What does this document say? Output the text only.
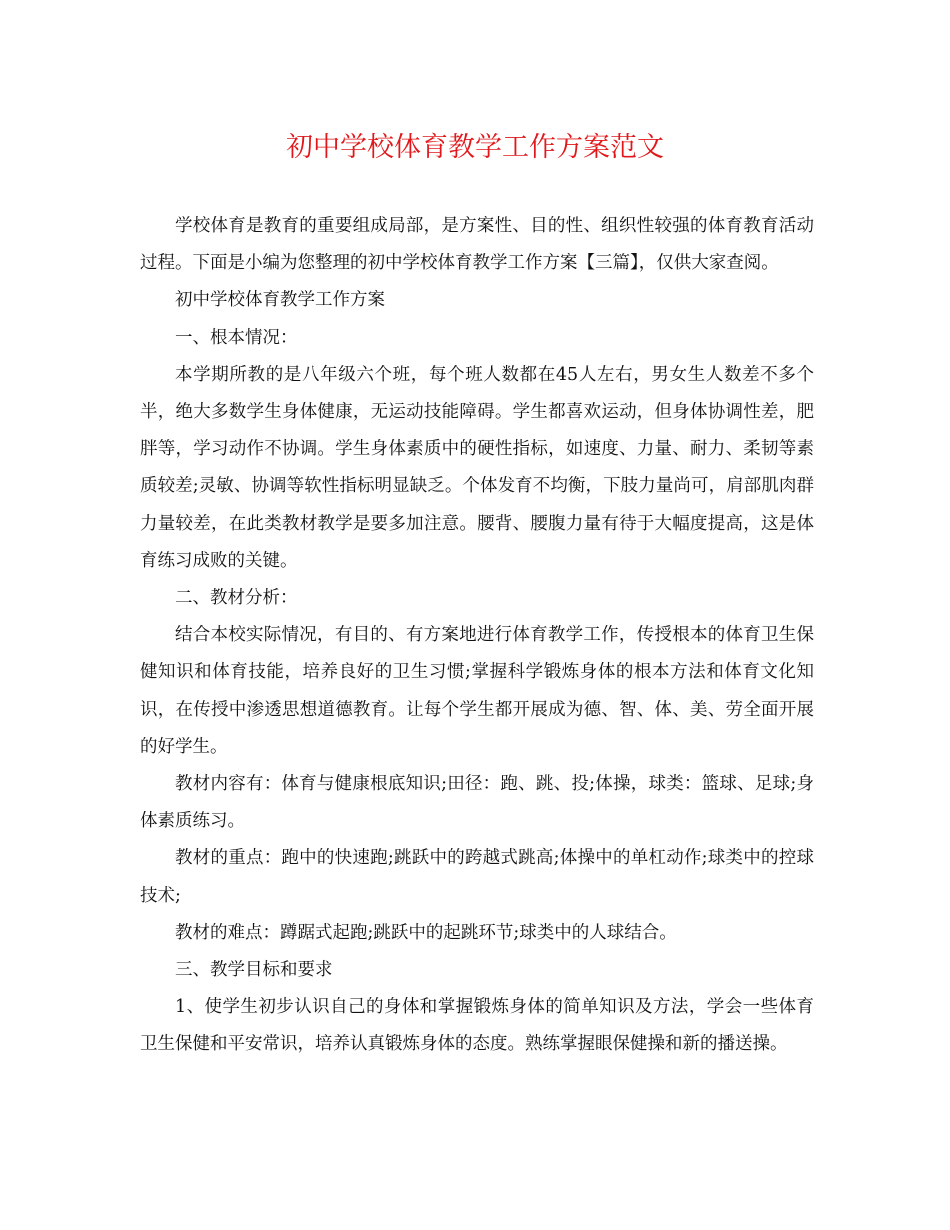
初中学校体育教学工作方案范文

学校体育是教育的重要组成局部，是方案性、目的性、组织性较强的体育教育活动过程。下面是小编为您整理的初中学校体育教学工作方案【三篇】，仅供大家查阅。

初中学校体育教学工作方案

一、根本情况：

本学期所教的是八年级六个班，每个班人数都在45人左右，男女生人数差不多个半，绝大多数学生身体健康，无运动技能障碍。学生都喜欢运动，但身体协调性差，肥胖等，学习动作不协调。学生身体素质中的硬性指标，如速度、力量、耐力、柔韧等素质较差;灵敏、协调等软性指标明显缺乏。个体发育不均衡，下肢力量尚可，肩部肌肉群力量较差，在此类教材教学是要多加注意。腰背、腰腹力量有待于大幅度提高，这是体育练习成败的关键。

二、教材分析：

结合本校实际情况，有目的、有方案地进行体育教学工作，传授根本的体育卫生保健知识和体育技能，培养良好的卫生习惯;掌握科学锻炼身体的根本方法和体育文化知识，在传授中渗透思想道德教育。让每个学生都开展成为德、智、体、美、劳全面开展的好学生。

教材内容有：体育与健康根底知识;田径：跑、跳、投;体操，球类：篮球、足球;身体素质练习。

教材的重点：跑中的快速跑;跳跃中的跨越式跳高;体操中的单杠动作;球类中的控球技术;

教材的难点：蹲踞式起跑;跳跃中的起跳环节;球类中的人球结合。

三、教学目标和要求

1、使学生初步认识自己的身体和掌握锻炼身体的简单知识及方法，学会一些体育卫生保健和平安常识，培养认真锻炼身体的态度。熟练掌握眼保健操和新的播送操。
